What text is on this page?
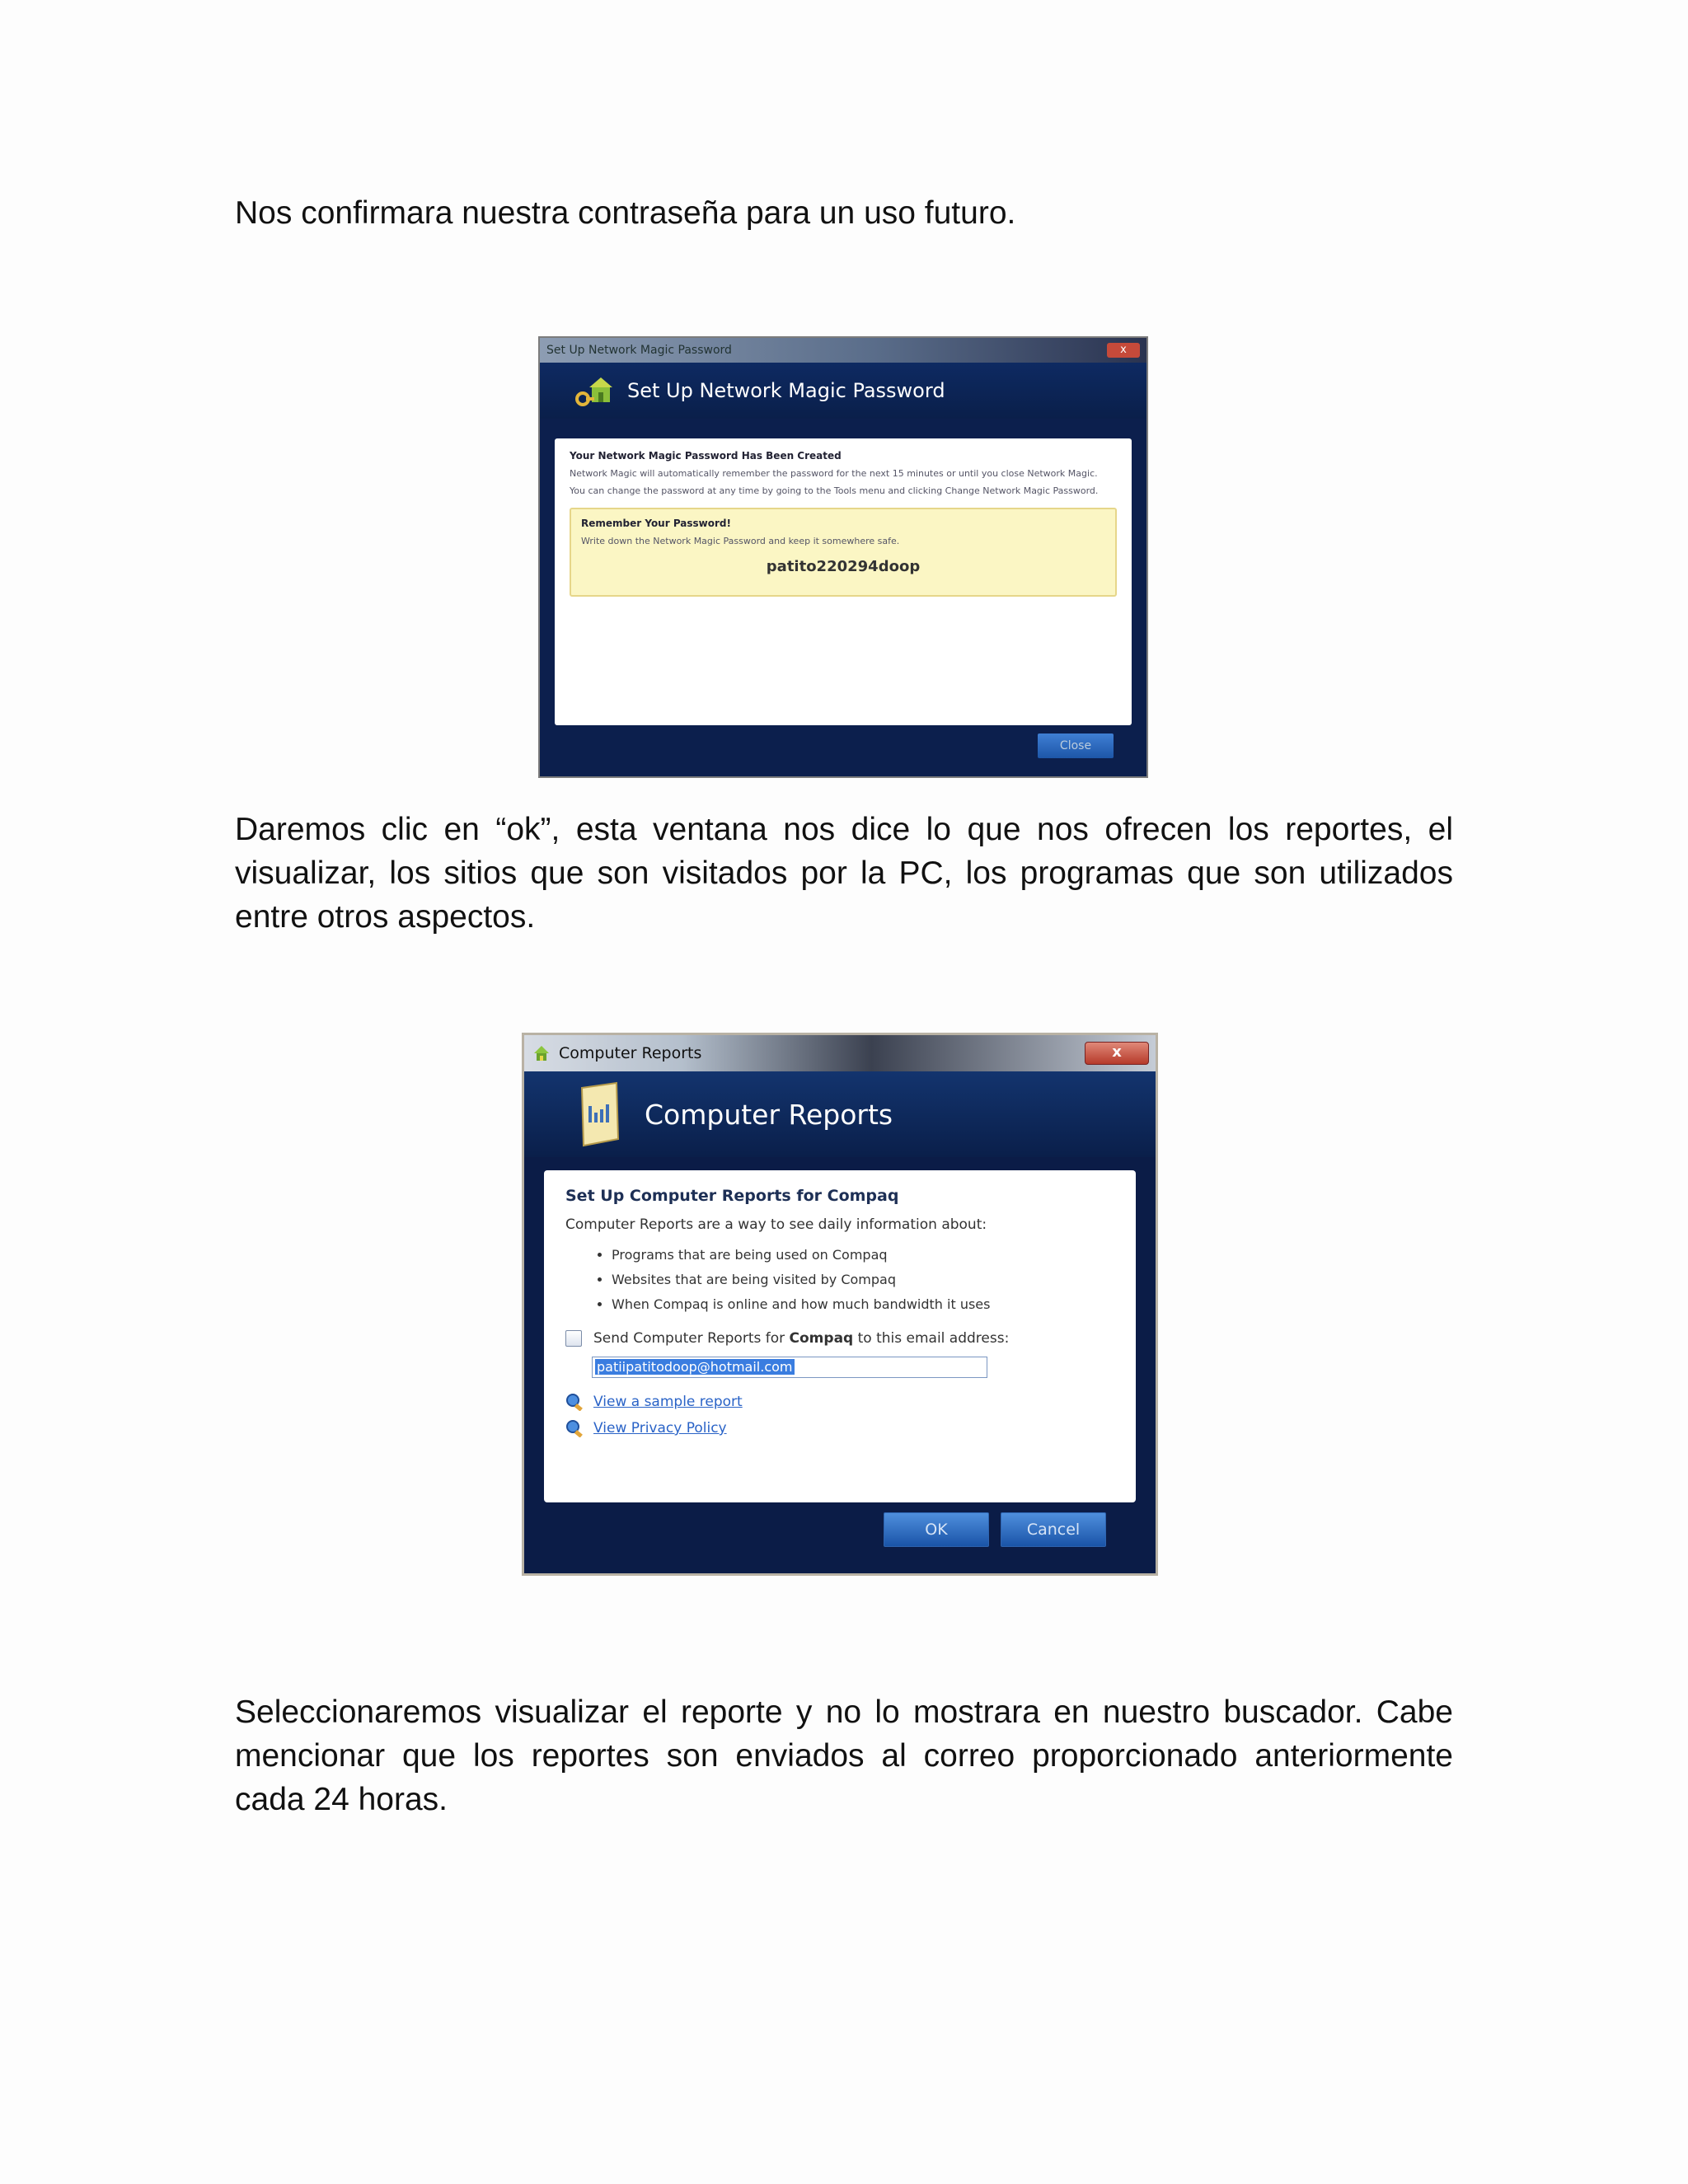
Nos confirmara nuestra contraseña para un uso futuro.

Set Up Network Magic Password	x
Set Up Network Magic Password
Your Network Magic Password Has Been Created

Network Magic will automatically remember the password for the next 15 minutes or until you close Network Magic.

You can change the password at any time by going to the Tools menu and clicking Change Network Magic Password.

Remember Your Password!

Write down the Network Magic Password and keep it somewhere safe.

patito220294doop
Close

Daremos clic en “ok”, esta ventana nos dice lo que nos ofrecen los reportes, el visualizar, los sitios que son visitados por la PC, los programas que son utilizados entre otros aspectos.

Computer Reports	x
Computer Reports
Set Up Computer Reports for Compaq
Computer Reports are a way to see daily information about:
• Programs that are being used on Compaq
• Websites that are being visited by Compaq
• When Compaq is online and how much bandwidth it uses
Send Computer Reports for Compaq to this email address:
patiipatitodoop@hotmail.com
View a sample report
View Privacy Policy
OK	Cancel

Seleccionaremos visualizar el reporte y no lo mostrara en nuestro buscador. Cabe mencionar que los reportes son enviados al correo proporcionado anteriormente cada 24 horas.
